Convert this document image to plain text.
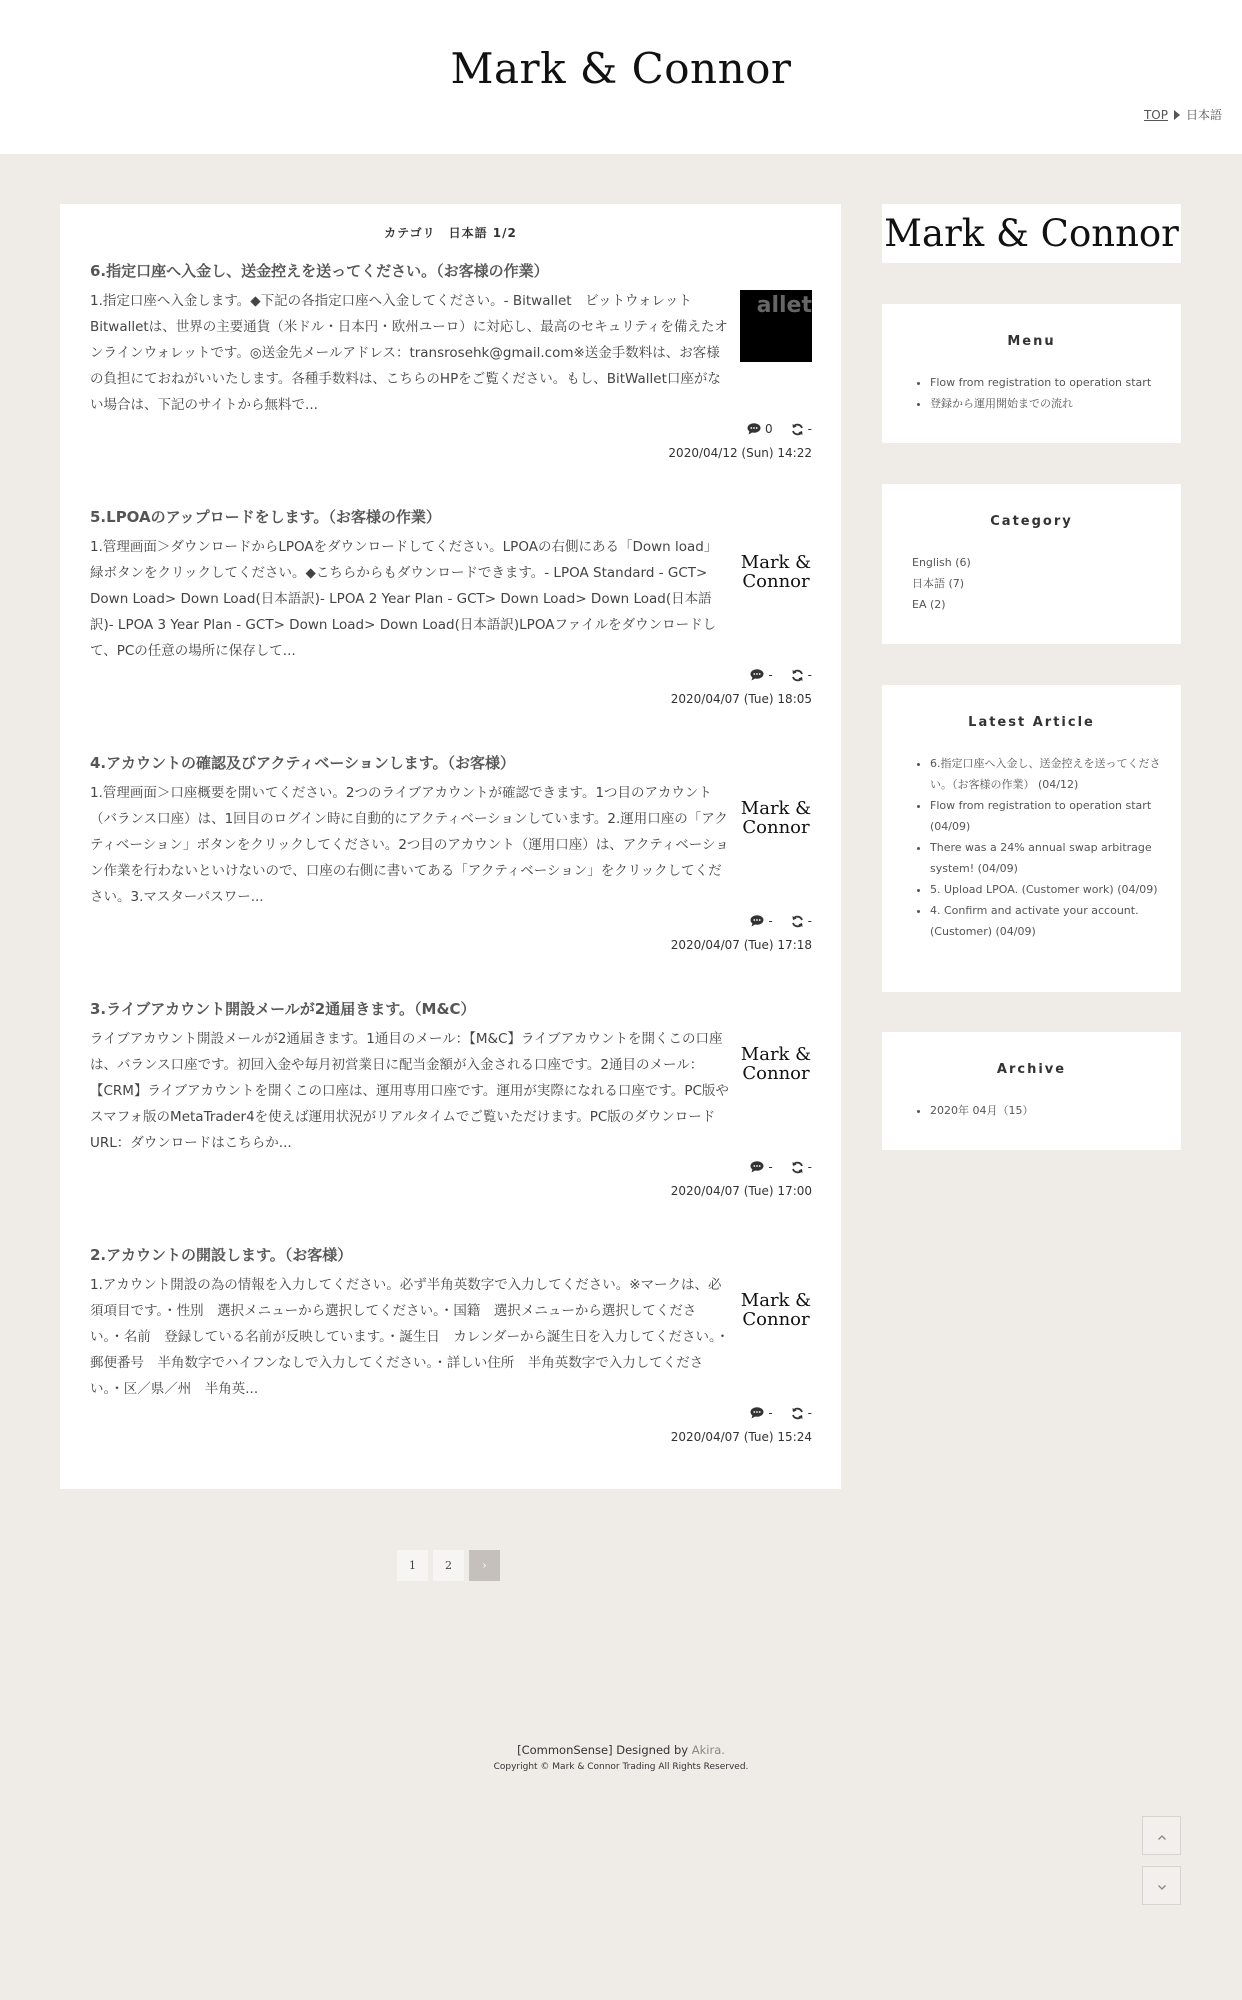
Mark & Connor
TOP 日本語
カテゴリ　日本語 1/2
6.指定口座へ入金し、送金控えを送ってください。（お客様の作業）
1.指定口座へ入金します。◆下記の各指定口座へ入金してください。- Bitwallet　ビットウォレットBitwalletは、世界の主要通貨（米ドル・日本円・欧州ユーロ）に対応し、最高のセキュリティを備えたオンラインウォレットです。◎送金先メールアドレス：transrosehk@gmail.com※送金手数料は、お客様の負担にておねがいいたします。各種手数料は、こちらのHPをご覧ください。もし、BitWallet口座がない場合は、下記のサイトから無料で...
allet
0	-
2020/04/12 (Sun) 14:22
5.LPOAのアップロードをします。（お客様の作業）
1.管理画面＞ダウンロードからLPOAをダウンロードしてください。LPOAの右側にある「Down load」緑ボタンをクリックしてください。◆こちらからもダウンロードできます。- LPOA Standard - GCT> Down Load> Down Load(日本語訳)- LPOA 2 Year Plan - GCT> Down Load> Down Load(日本語訳)- LPOA 3 Year Plan - GCT> Down Load> Down Load(日本語訳)LPOAファイルをダウンロードして、PCの任意の場所に保存して...
Mark & Connor
-	-
2020/04/07 (Tue) 18:05
4.アカウントの確認及びアクティベーションします。（お客様）
1.管理画面＞口座概要を開いてください。2つのライブアカウントが確認できます。1つ目のアカウント（バランス口座）は、1回目のログイン時に自動的にアクティベーションしています。2.運用口座の「アクティベーション」ボタンをクリックしてください。2つ目のアカウント（運用口座）は、アクティベーション作業を行わないといけないので、口座の右側に書いてある「アクティベーション」をクリックしてください。3.マスターパスワー...
Mark & Connor
-	-
2020/04/07 (Tue) 17:18
3.ライブアカウント開設メールが2通届きます。（M&C）
ライブアカウント開設メールが2通届きます。1通目のメール：【M&C】ライブアカウントを開くこの口座は、バランス口座です。初回入金や毎月初営業日に配当金額が入金される口座です。2通目のメール：【CRM】ライブアカウントを開くこの口座は、運用専用口座です。運用が実際になれる口座です。PC版やスマフォ版のMetaTrader4を使えば運用状況がリアルタイムでご覧いただけます。PC版のダウンロードURL：ダウンロードはこちらか...
Mark & Connor
-	-
2020/04/07 (Tue) 17:00
2.アカウントの開設します。（お客様）
1.アカウント開設の為の情報を入力してください。必ず半角英数字で入力してください。※マークは、必須項目です。・性別　選択メニューから選択してください。・国籍　選択メニューから選択してください。・名前　登録している名前が反映しています。・誕生日　カレンダーから誕生日を入力してください。・郵便番号　半角数字でハイフンなしで入力してください。・詳しい住所　半角英数字で入力してください。・区／県／州　半角英...
Mark & Connor
-	-
2020/04/07 (Tue) 15:24
1	2	›
Mark & Connor
Menu
• Flow from registration to operation start
• 登録から運用開始までの流れ
Category
English (6)
日本語 (7)
EA (2)
Latest Article
• 6.指定口座へ入金し、送金控えを送ってください。（お客様の作業） (04/12)
• Flow from registration to operation start (04/09)
• There was a 24% annual swap arbitrage system! (04/09)
• 5. Upload LPOA. (Customer work) (04/09)
• 4. Confirm and activate your account. (Customer) (04/09)
Archive
• 2020年 04月（15）
[CommonSense] Designed by Akira.
Copyright © Mark & Connor Trading All Rights Reserved.
